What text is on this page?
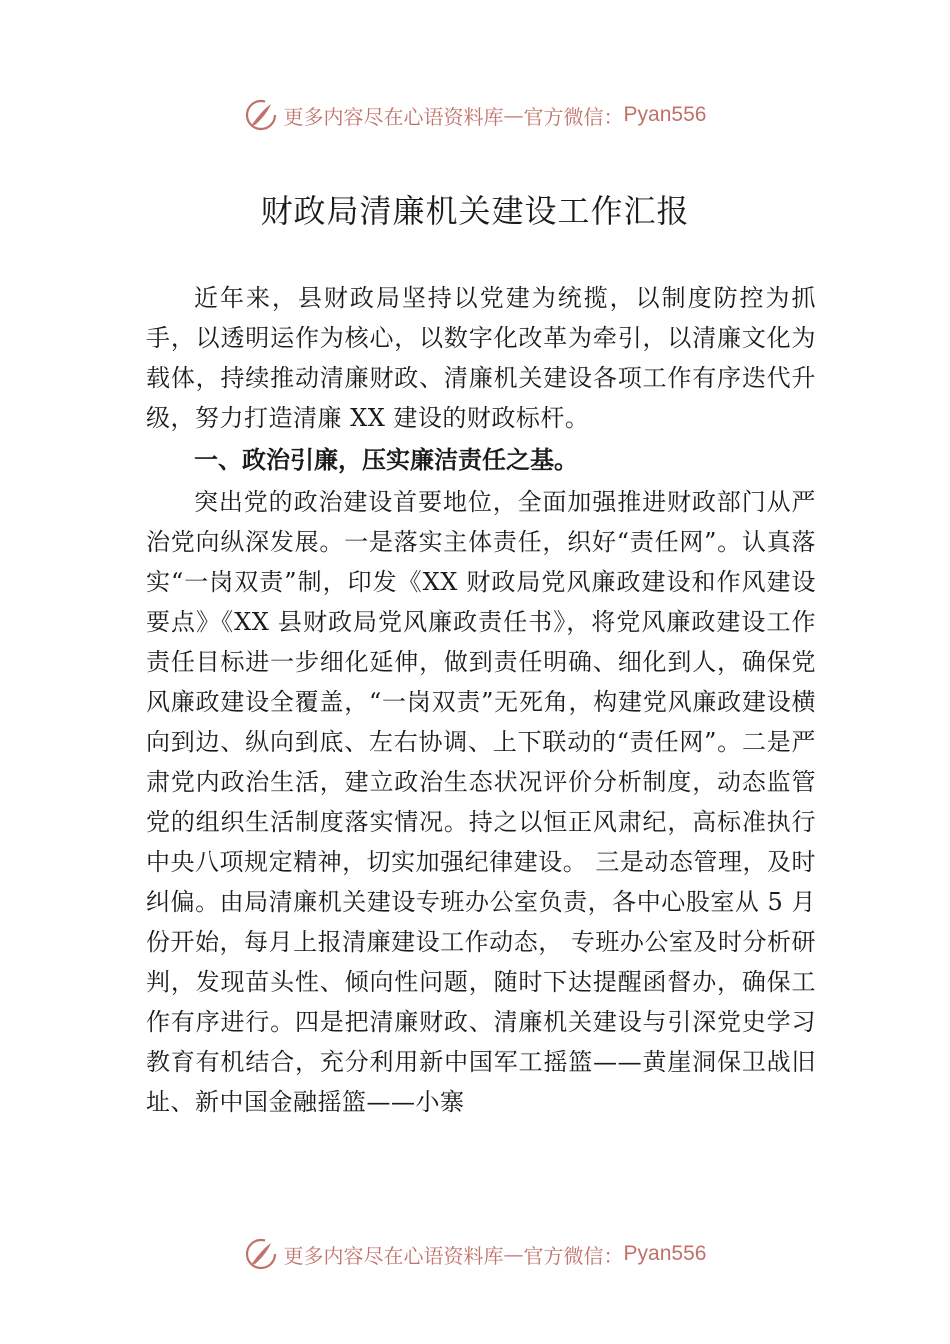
更多内容尽在心语资料库 — 官方微信： Pyan556
财政局清廉机关建设工作汇报

近年来，县财政局坚持以党建为统揽，以制度防控为抓手，以透明运作为核心，以数字化改革为牵引，以清廉文化为载体，持续推动清廉财政、清廉机关建设各项工作有序迭代升级，努力打造清廉 XX 建设的财政标杆。

一、政治引廉，压实廉洁责任之基。

突出党的政治建设首要地位，全面加强推进财政部门从严治党向纵深发展。一是落实主体责任，织好“责任网”。认真落实“一岗双责”制，印发《XX 财政局党风廉政建设和作风建设要点》《XX 县财政局党风廉政责任书》，将党风廉政建设工作责任目标进一步细化延伸，做到责任明确、细化到人，确保党风廉政建设全覆盖，“一岗双责”无死角，构建党风廉政建设横向到边、纵向到底、左右协调、上下联动的“责任网”。二是严肃党内政治生活，建立政治生态状况评价分析制度，动态监管党的组织生活制度落实情况。持之以恒正风肃纪，高标准执行中央八项规定精神，切实加强纪律建设。 三是动态管理，及时纠偏。由局清廉机关建设专班办公室负责，各中心股室从 5 月份开始，每月上报清廉建设工作动态， 专班办公室及时分析研判，发现苗头性、倾向性问题，随时下达提醒函督办，确保工作有序进行。四是把清廉财政、清廉机关建设与引深党史学习教育有机结合，充分利用新中国军工摇篮——黄崖洞保卫战旧址、新中国金融摇篮——小寨

更多内容尽在心语资料库 — 官方微信： Pyan556
